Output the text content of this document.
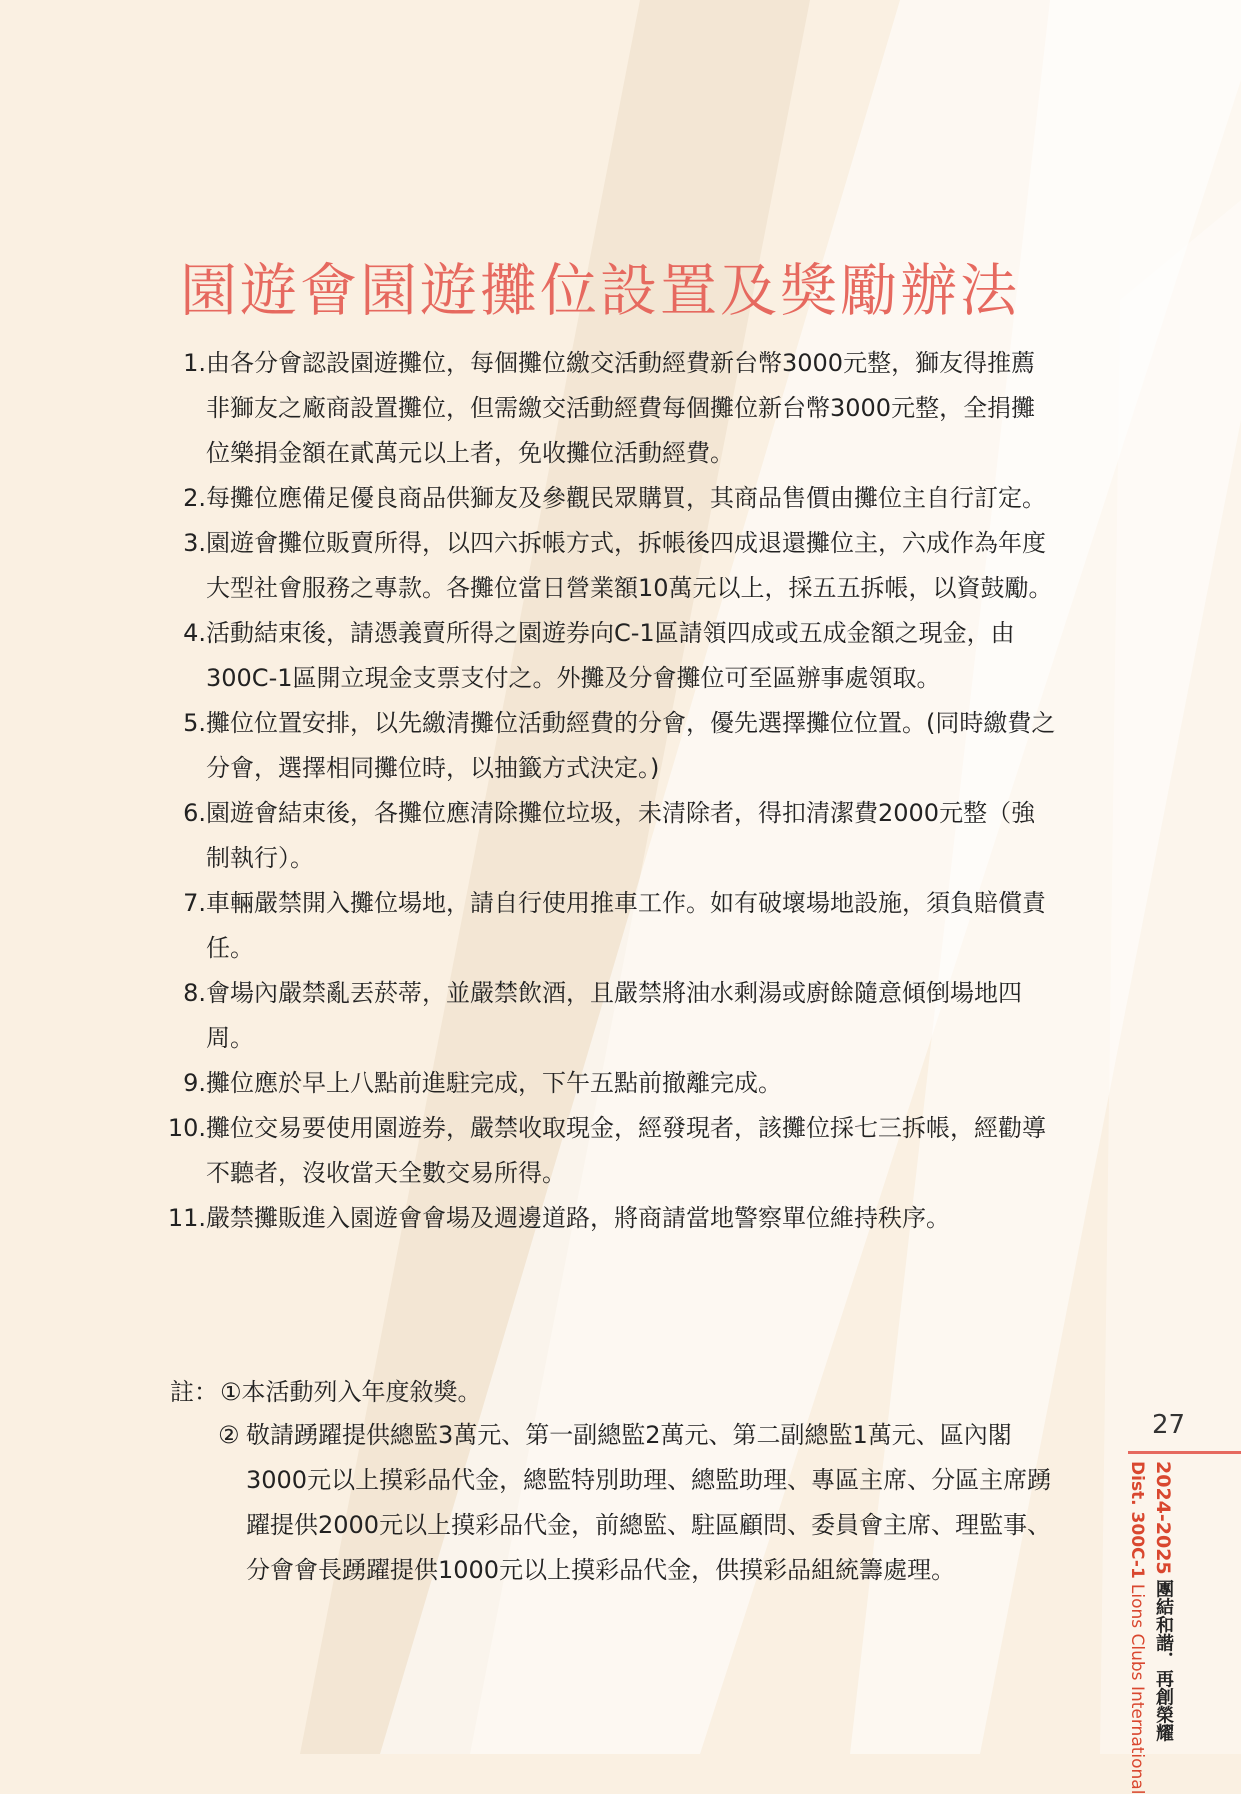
園遊會園遊攤位設置及獎勵辦法
1. 由各分會認設園遊攤位，每個攤位繳交活動經費新台幣3000元整，獅友得推薦非獅友之廠商設置攤位，但需繳交活動經費每個攤位新台幣3000元整，全捐攤位樂捐金額在貳萬元以上者，免收攤位活動經費。
2. 每攤位應備足優良商品供獅友及參觀民眾購買，其商品售價由攤位主自行訂定。
3. 園遊會攤位販賣所得，以四六拆帳方式，拆帳後四成退還攤位主，六成作為年度大型社會服務之專款。各攤位當日營業額10萬元以上，採五五拆帳，以資鼓勵。
4. 活動結束後，請憑義賣所得之園遊券向C-1區請領四成或五成金額之現金，由300C-1區開立現金支票支付之。外攤及分會攤位可至區辦事處領取。
5. 攤位位置安排，以先繳清攤位活動經費的分會，優先選擇攤位位置。(同時繳費之分會，選擇相同攤位時，以抽籤方式決定。)
6. 園遊會結束後，各攤位應清除攤位垃圾，未清除者，得扣清潔費2000元整（強制執行）。
7. 車輛嚴禁開入攤位場地，請自行使用推車工作。如有破壞場地設施，須負賠償責任。
8. 會場內嚴禁亂丟菸蒂，並嚴禁飲酒，且嚴禁將油水剩湯或廚餘隨意傾倒場地四周。
9. 攤位應於早上八點前進駐完成，下午五點前撤離完成。
10. 攤位交易要使用園遊券，嚴禁收取現金，經發現者，該攤位採七三拆帳，經勸導不聽者，沒收當天全數交易所得。
11. 嚴禁攤販進入園遊會會場及週邊道路，將商請當地警察單位維持秩序。
註： ① 本活動列入年度敘獎。
② 敬請踴躍提供總監3萬元、第一副總監2萬元、第二副總監1萬元、區內閣3000元以上摸彩品代金，總監特別助理、總監助理、專區主席、分區主席踴躍提供2000元以上摸彩品代金，前總監、駐區顧問、委員會主席、理監事、分會會長踴躍提供1000元以上摸彩品代金，供摸彩品組統籌處理。
27
2024-2025 團結和諧．再創榮耀
Dist. 300C-1 Lions Clubs International
